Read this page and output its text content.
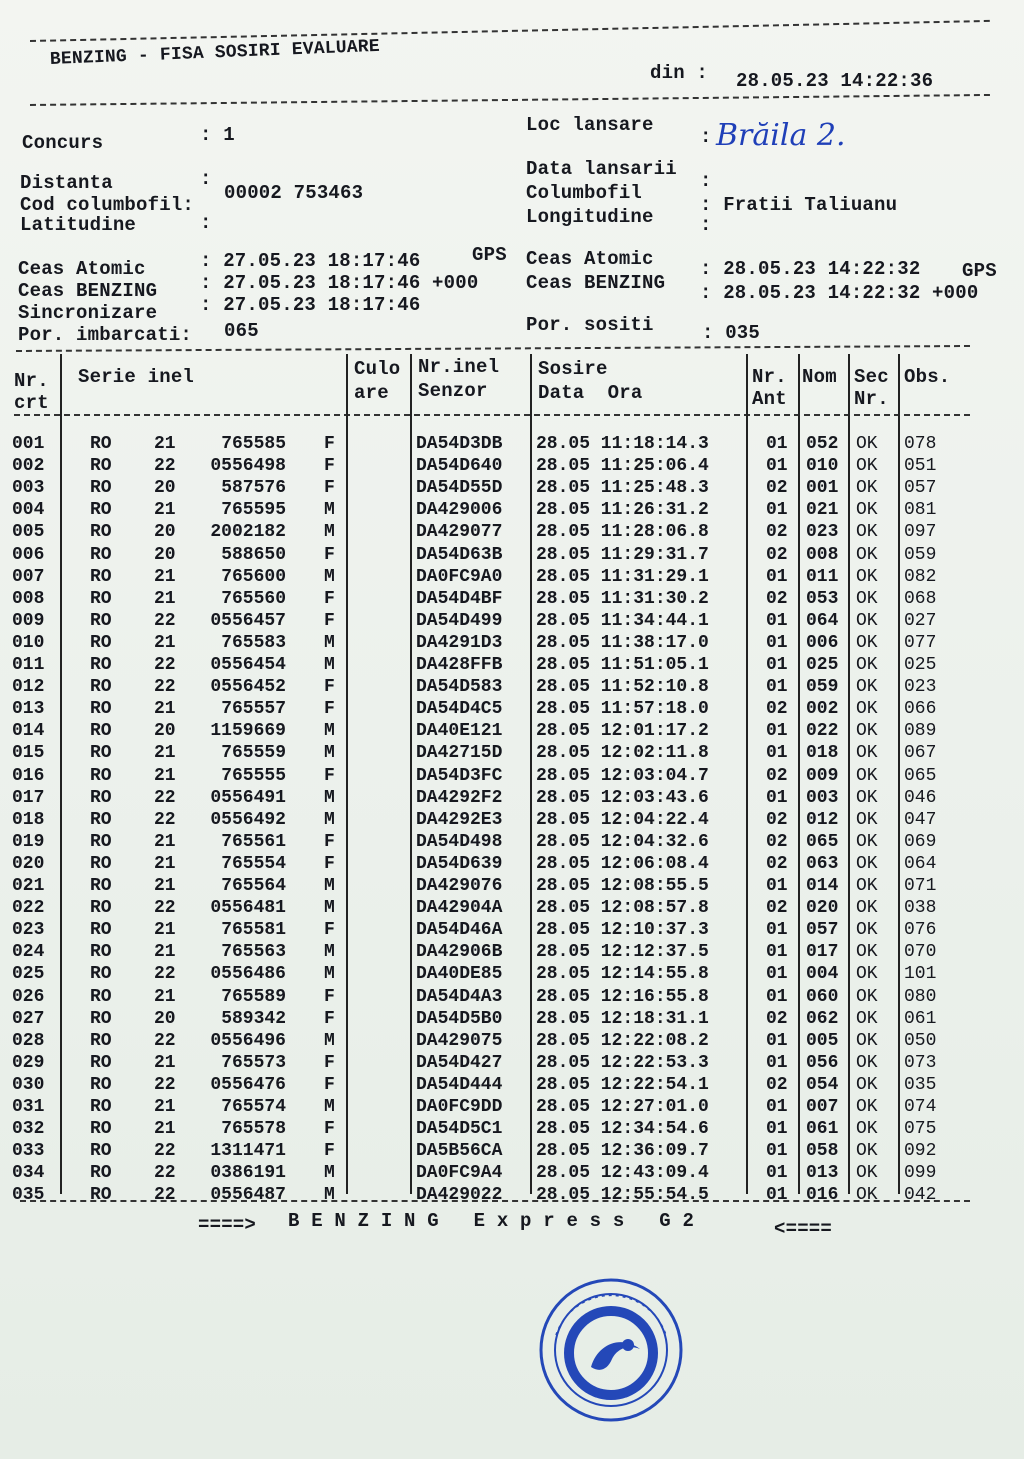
BENZING - FISA SOSIRI EVALUARE
din : 28.05.23 14:22:36
Concurs	: 1
Distanta	:
Cod columbofil:
00002 753463
Latitudine	:
Ceas Atomic	: 27.05.23 18:17:46	GPS
Ceas BENZING : 27.05.23 18:17:46 +000
Sincronizare : 27.05.23 18:17:46
Por. imbarcati: 065
Loc lansare
: Brăila 2.
Data lansarii
:
Columbofil
: Fratii Taliuanu
Longitudine :
Ceas Atomic : 28.05.23 14:22:32 GPS
Ceas BENZING : 28.05.23 14:22:32 +000
Por. sositi	: 035
Nr.
crt
Serie inel	Culo
are
Nr.inel
Senzor
Sosire
Data  Ora
Nr.
Ant
Nom Sec
Nr.
Obs.
001	RO 21	765585 F	DA54D3DB 28.05 11:18:14.3	01 052 OK 078
002	RO 22	0556498 F	DA54D640 28.05 11:25:06.4	01 010 OK 051
003	RO 20	587576 F	DA54D55D 28.05 11:25:48.3	02 001 OK 057
004	RO 21	765595 M	DA429006 28.05 11:26:31.2	01 021 OK 081
005	RO 20	2002182 M	DA429077 28.05 11:28:06.8	02 023 OK 097
006	RO 20	588650 F	DA54D63B 28.05 11:29:31.7	02 008 OK 059
007	RO 21	765600 M	DA0FC9A0 28.05 11:31:29.1	01 011 OK 082
008	RO 21	765560 F	DA54D4BF 28.05 11:31:30.2	02 053 OK 068
009	RO 22	0556457 F	DA54D499 28.05 11:34:44.1	01 064 OK 027
010	RO 21	765583 M	DA4291D3 28.05 11:38:17.0	01 006 OK 077
011	RO 22	0556454 M	DA428FFB 28.05 11:51:05.1	01 025 OK 025
012	RO 22	0556452 F	DA54D583 28.05 11:52:10.8	01 059 OK 023
013	RO 21	765557 F	DA54D4C5 28.05 11:57:18.0	02 002 OK 066
014	RO 20	1159669 M	DA40E121 28.05 12:01:17.2	01 022 OK 089
015	RO 21	765559 M	DA42715D 28.05 12:02:11.8	01 018 OK 067
016	RO 21	765555 F	DA54D3FC 28.05 12:03:04.7	02 009 OK 065
017	RO 22	0556491 M	DA4292F2 28.05 12:03:43.6	01 003 OK 046
018	RO 22	0556492 M	DA4292E3 28.05 12:04:22.4	02 012 OK 047
019	RO 21	765561 F	DA54D498 28.05 12:04:32.6	02 065 OK 069
020	RO 21	765554 F	DA54D639 28.05 12:06:08.4	02 063 OK 064
021	RO 21	765564 M	DA429076 28.05 12:08:55.5	01 014 OK 071
022	RO 22	0556481 M	DA42904A 28.05 12:08:57.8	02 020 OK 038
023	RO 21	765581 F	DA54D46A 28.05 12:10:37.3	01 057 OK 076
024	RO 21	765563 M	DA42906B 28.05 12:12:37.5	01 017 OK 070
025	RO 22	0556486 M	DA40DE85 28.05 12:14:55.8	01 004 OK 101
026	RO 21	765589 F	DA54D4A3 28.05 12:16:55.8	01 060 OK 080
027	RO 20	589342 F	DA54D5B0 28.05 12:18:31.1	02 062 OK 061
028	RO 22	0556496 M	DA429075 28.05 12:22:08.2	01 005 OK 050
029	RO 21	765573 F	DA54D427 28.05 12:22:53.3	01 056 OK 073
030	RO 22	0556476 F	DA54D444 28.05 12:22:54.1	02 054 OK 035
031	RO 21	765574 M	DA0FC9DD 28.05 12:27:01.0	01 007 OK 074
032	RO 21	765578 F	DA54D5C1 28.05 12:34:54.6	01 061 OK 075
033	RO 22	1311471 F	DA5B56CA 28.05 12:36:09.7	01 058 OK 092
034	RO 22	0386191 M	DA0FC9A4 28.05 12:43:09.4	01 013 OK 099
035	RO 22	0556487 M	DA429022 28.05 12:55:54.5	01 016 OK 042
====> B E N Z I N G   E x p r e s s   G 2	<====
